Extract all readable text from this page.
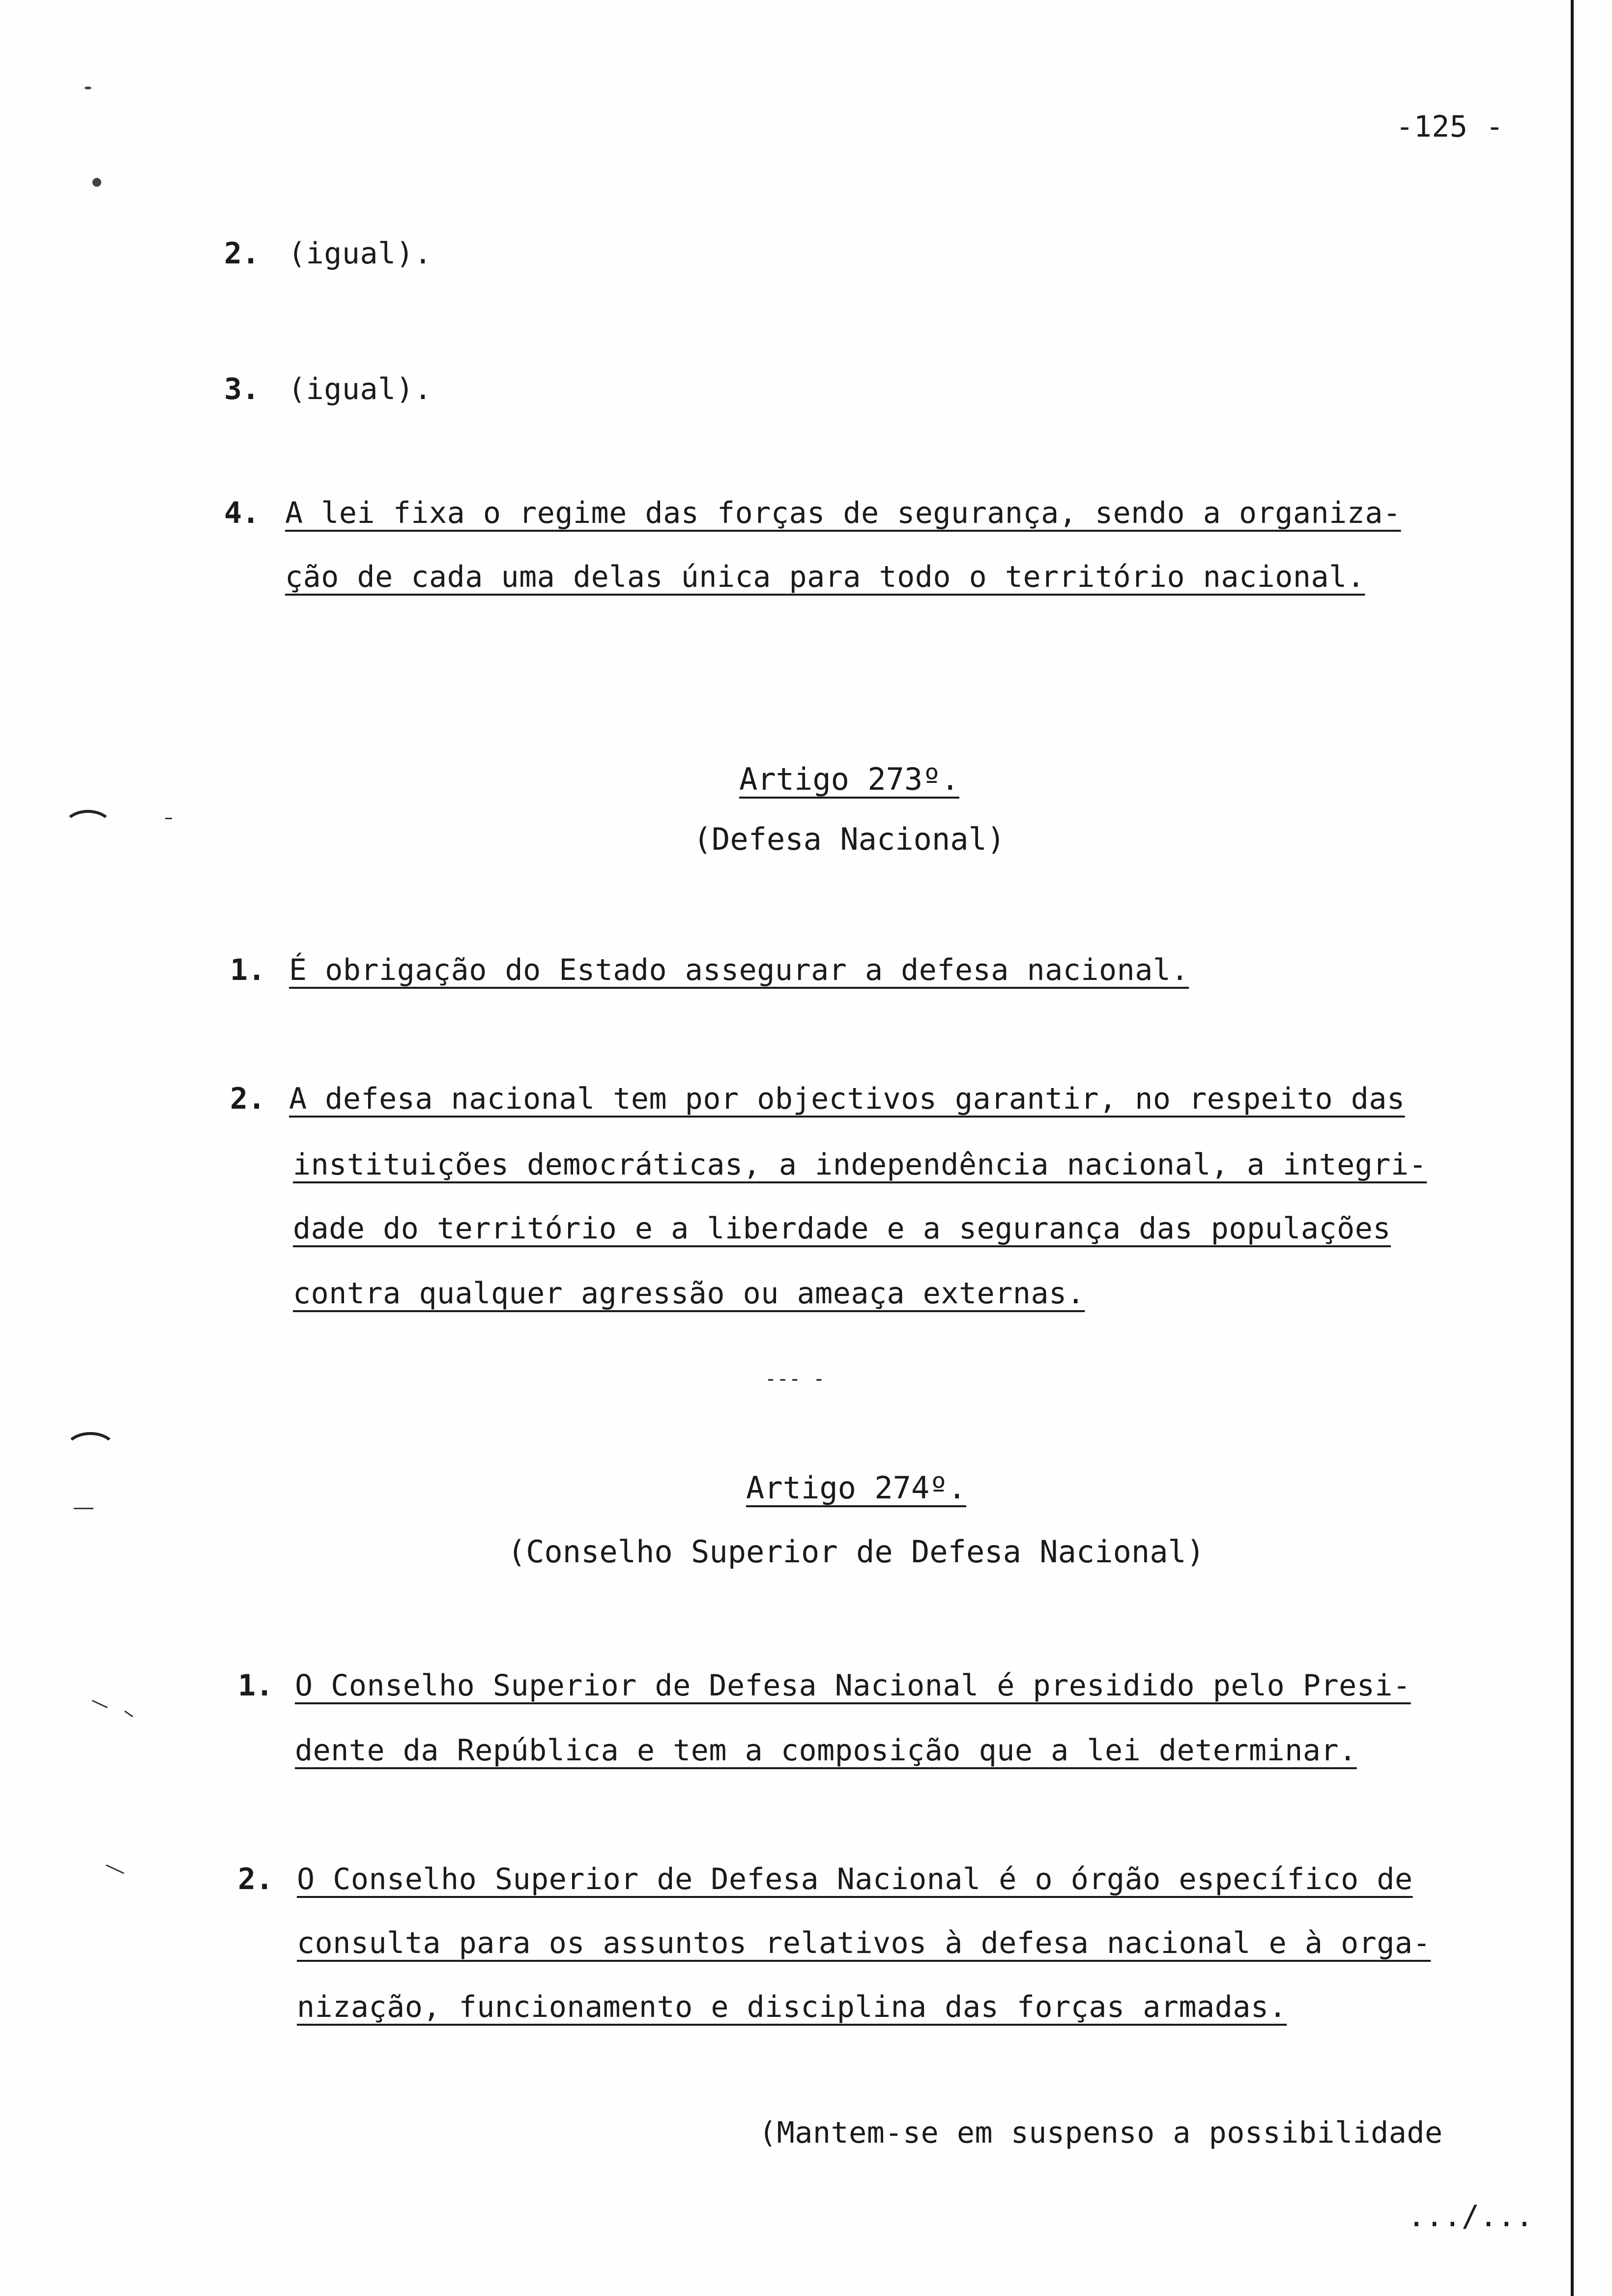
-125 -
2. (igual).
3. (igual).
4. A lei fixa o regime das forças de segurança, sendo a organiza-
ção de cada uma delas única para todo o território nacional.
Artigo 273º.
(Defesa Nacional)
1. É obrigação do Estado assegurar a defesa nacional.
2. A defesa nacional tem por objectivos garantir, no respeito das
instituições democráticas, a independência nacional, a integri-
dade do território e a liberdade e a segurança das populações
contra qualquer agressão ou ameaça externas.
--- -
Artigo 274º.
(Conselho Superior de Defesa Nacional)
1. O Conselho Superior de Defesa Nacional é presidido pelo Presi-
dente da República e tem a composição que a lei determinar.
2. O Conselho Superior de Defesa Nacional é o órgão específico de
consulta para os assuntos relativos à defesa nacional e à orga-
nização, funcionamento e disciplina das forças armadas.
(Mantem-se em suspenso a possibilidade
.../...
